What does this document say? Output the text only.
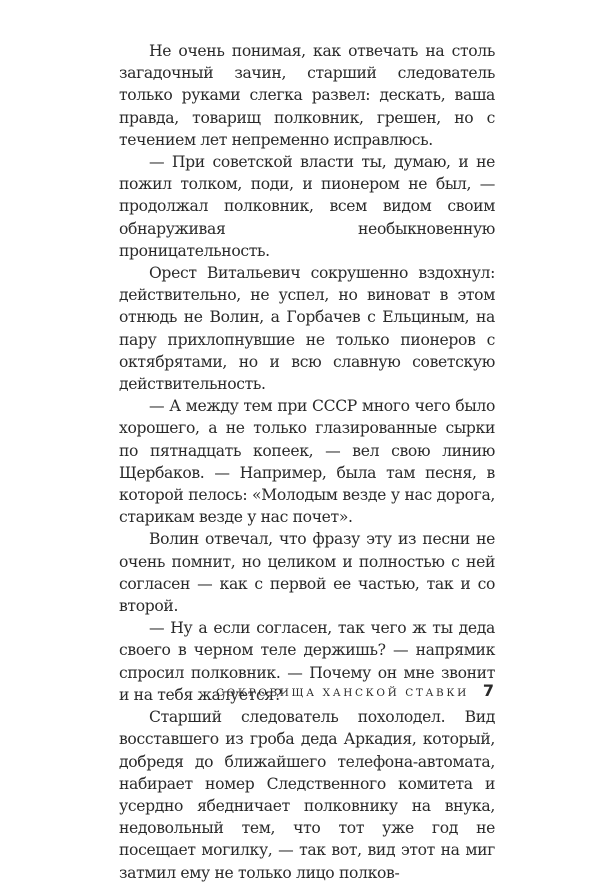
Не очень понимая, как отвечать на столь загадочный зачин, старший следователь только руками слегка развел: дескать, ваша правда, товарищ полковник, грешен, но с течением лет непременно исправлюсь.

— При советской власти ты, думаю, и не пожил толком, поди, и пионером не был, — продолжал полковник, всем видом своим обнаруживая необыкновенную проницательность.

Орест Витальевич сокрушенно вздохнул: действительно, не успел, но виноват в этом отнюдь не Волин, а Горбачев с Ельциным, на пару прихлопнувшие не только пионеров с октябрятами, но и всю славную советскую действительность.

— А между тем при СССР много чего было хорошего, а не только глазированные сырки по пятнадцать копеек, — вел свою линию Щербаков. — Например, была там песня, в которой пелось: «Молодым везде у нас дорога, старикам везде у нас почет».

Волин отвечал, что фразу эту из песни не очень помнит, но целиком и полностью с ней согласен — как с первой ее частью, так и со второй.

— Ну а если согласен, так чего ж ты деда своего в черном теле держишь? — напрямик спросил полковник. — Почему он мне звонит и на тебя жалуется?

Старший следователь похолодел. Вид восставшего из гроба деда Аркадия, который, добредя до ближайшего телефона-автомата, набирает номер Следственного комитета и усердно ябедничает полковнику на внука, недовольный тем, что тот уже год не посещает могилку, — так вот, вид этот на миг затмил ему не только лицо полков-

СОКРОВИЩА ХАНСКОЙ СТАВКИ 7
